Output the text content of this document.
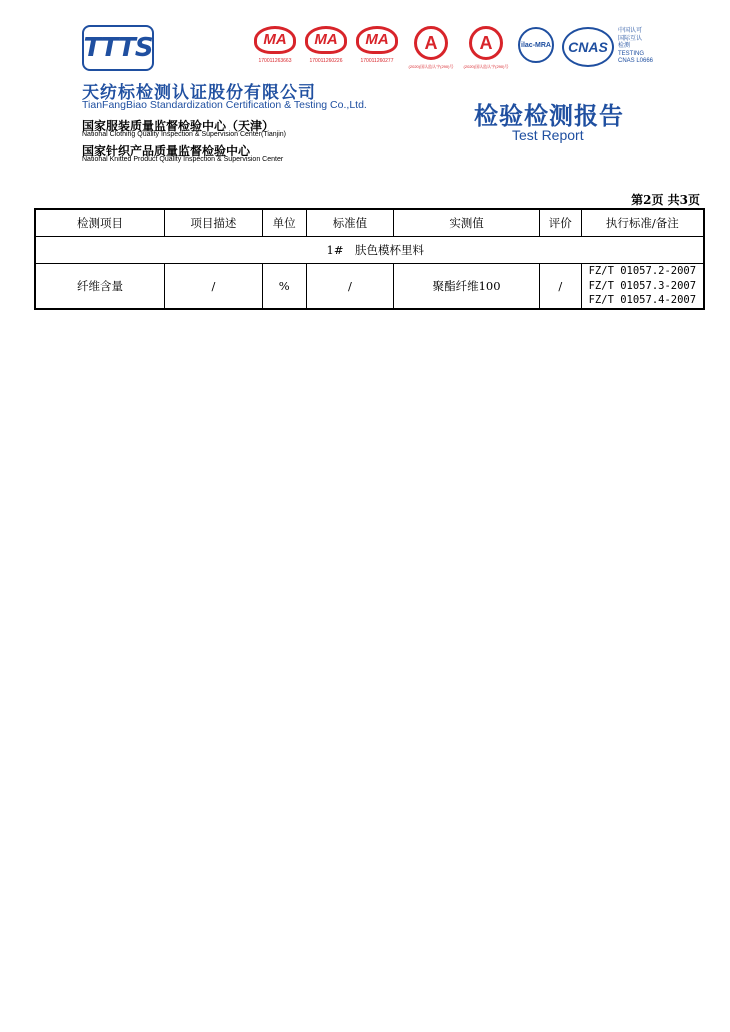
TTTS
天纺标检测认证股份有限公司
TianFangBiao Standardization Certification & Testing Co.,Ltd.
国家服装质量监督检验中心（天津）
National Clothing Quality Inspection & Supervision Center(Tianjin)
国家针织产品质量监督检验中心
National Knitted Product Quality Inspection & Supervision Center
MA
170011263663
MA
170011260226
MA
170011260277
A
(2020)国认监认字(290)号
A
(2020)国认监认字(290)号
ilac-MRA CNAS
中国认可
国际互认
检测
TESTING
CNAS L0666
检验检测报告
Test Report
第2页 共3页
检测项目	项目描述	单位	标准值	实测值	评价	执行标准/备注
1# 肤色模杯里料						
纤维含量	/	%	/	聚酯纤维100	/	FZ/T 01057.2-2007
FZ/T 01057.3-2007
FZ/T 01057.4-2007
